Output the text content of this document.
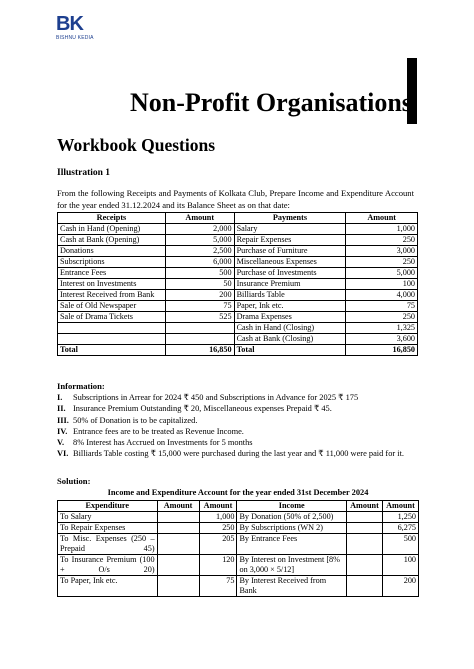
BK
BISHNU KEDIA
Non-Profit Organisations
Workbook Questions
Illustration 1
From the following Receipts and Payments of Kolkata Club, Prepare Income and Expenditure Account for the year ended 31.12.2024 and its Balance Sheet as on that date:
Receipts	Amount	Payments	Amount
Cash in Hand (Opening)	2,000	Salary	1,000
Cash at Bank (Opening)	5,000	Repair Expenses	250
Donations	2,500	Purchase of Furniture	3,000
Subscriptions	6,000	Miscellaneous Expenses	250
Entrance Fees	500	Purchase of Investments	5,000
Interest on Investments	50	Insurance Premium	100
Interest Received from Bank	200	Billiards Table	4,000
Sale of Old Newspaper	75	Paper, Ink etc.	75
Sale of Drama Tickets	525	Drama Expenses	250
		Cash in Hand (Closing)	1,325
		Cash at Bank (Closing)	3,600
Total	16,850	Total	16,850
Information:
I. Subscriptions in Arrear for 2024 ₹ 450 and Subscriptions in Advance for 2025 ₹ 175
II. Insurance Premium Outstanding ₹ 20, Miscellaneous expenses Prepaid ₹ 45.
III. 50% of Donation is to be capitalized.
IV. Entrance fees are to be treated as Revenue Income.
V. 8% Interest has Accrued on Investments for 5 months
VI. Billiards Table costing ₹ 15,000 were purchased during the last year and ₹ 11,000 were paid for it.
Solution:
Income and Expenditure Account for the year ended 31st December 2024
Expenditure	Amount	Amount	Income	Amount	Amount
To Salary		1,000	By Donation (50% of 2,500)		1,250
To Repair Expenses		250	By Subscriptions (WN 2)		6,275
To Misc. Expenses (250 – Prepaid 45)		205	By Entrance Fees		500
To Insurance Premium (100 + O/s 20)		120	By Interest on Investment [8% on 3,000 × 5/12]		100
To Paper, Ink etc.		75	By Interest Received from Bank		200
